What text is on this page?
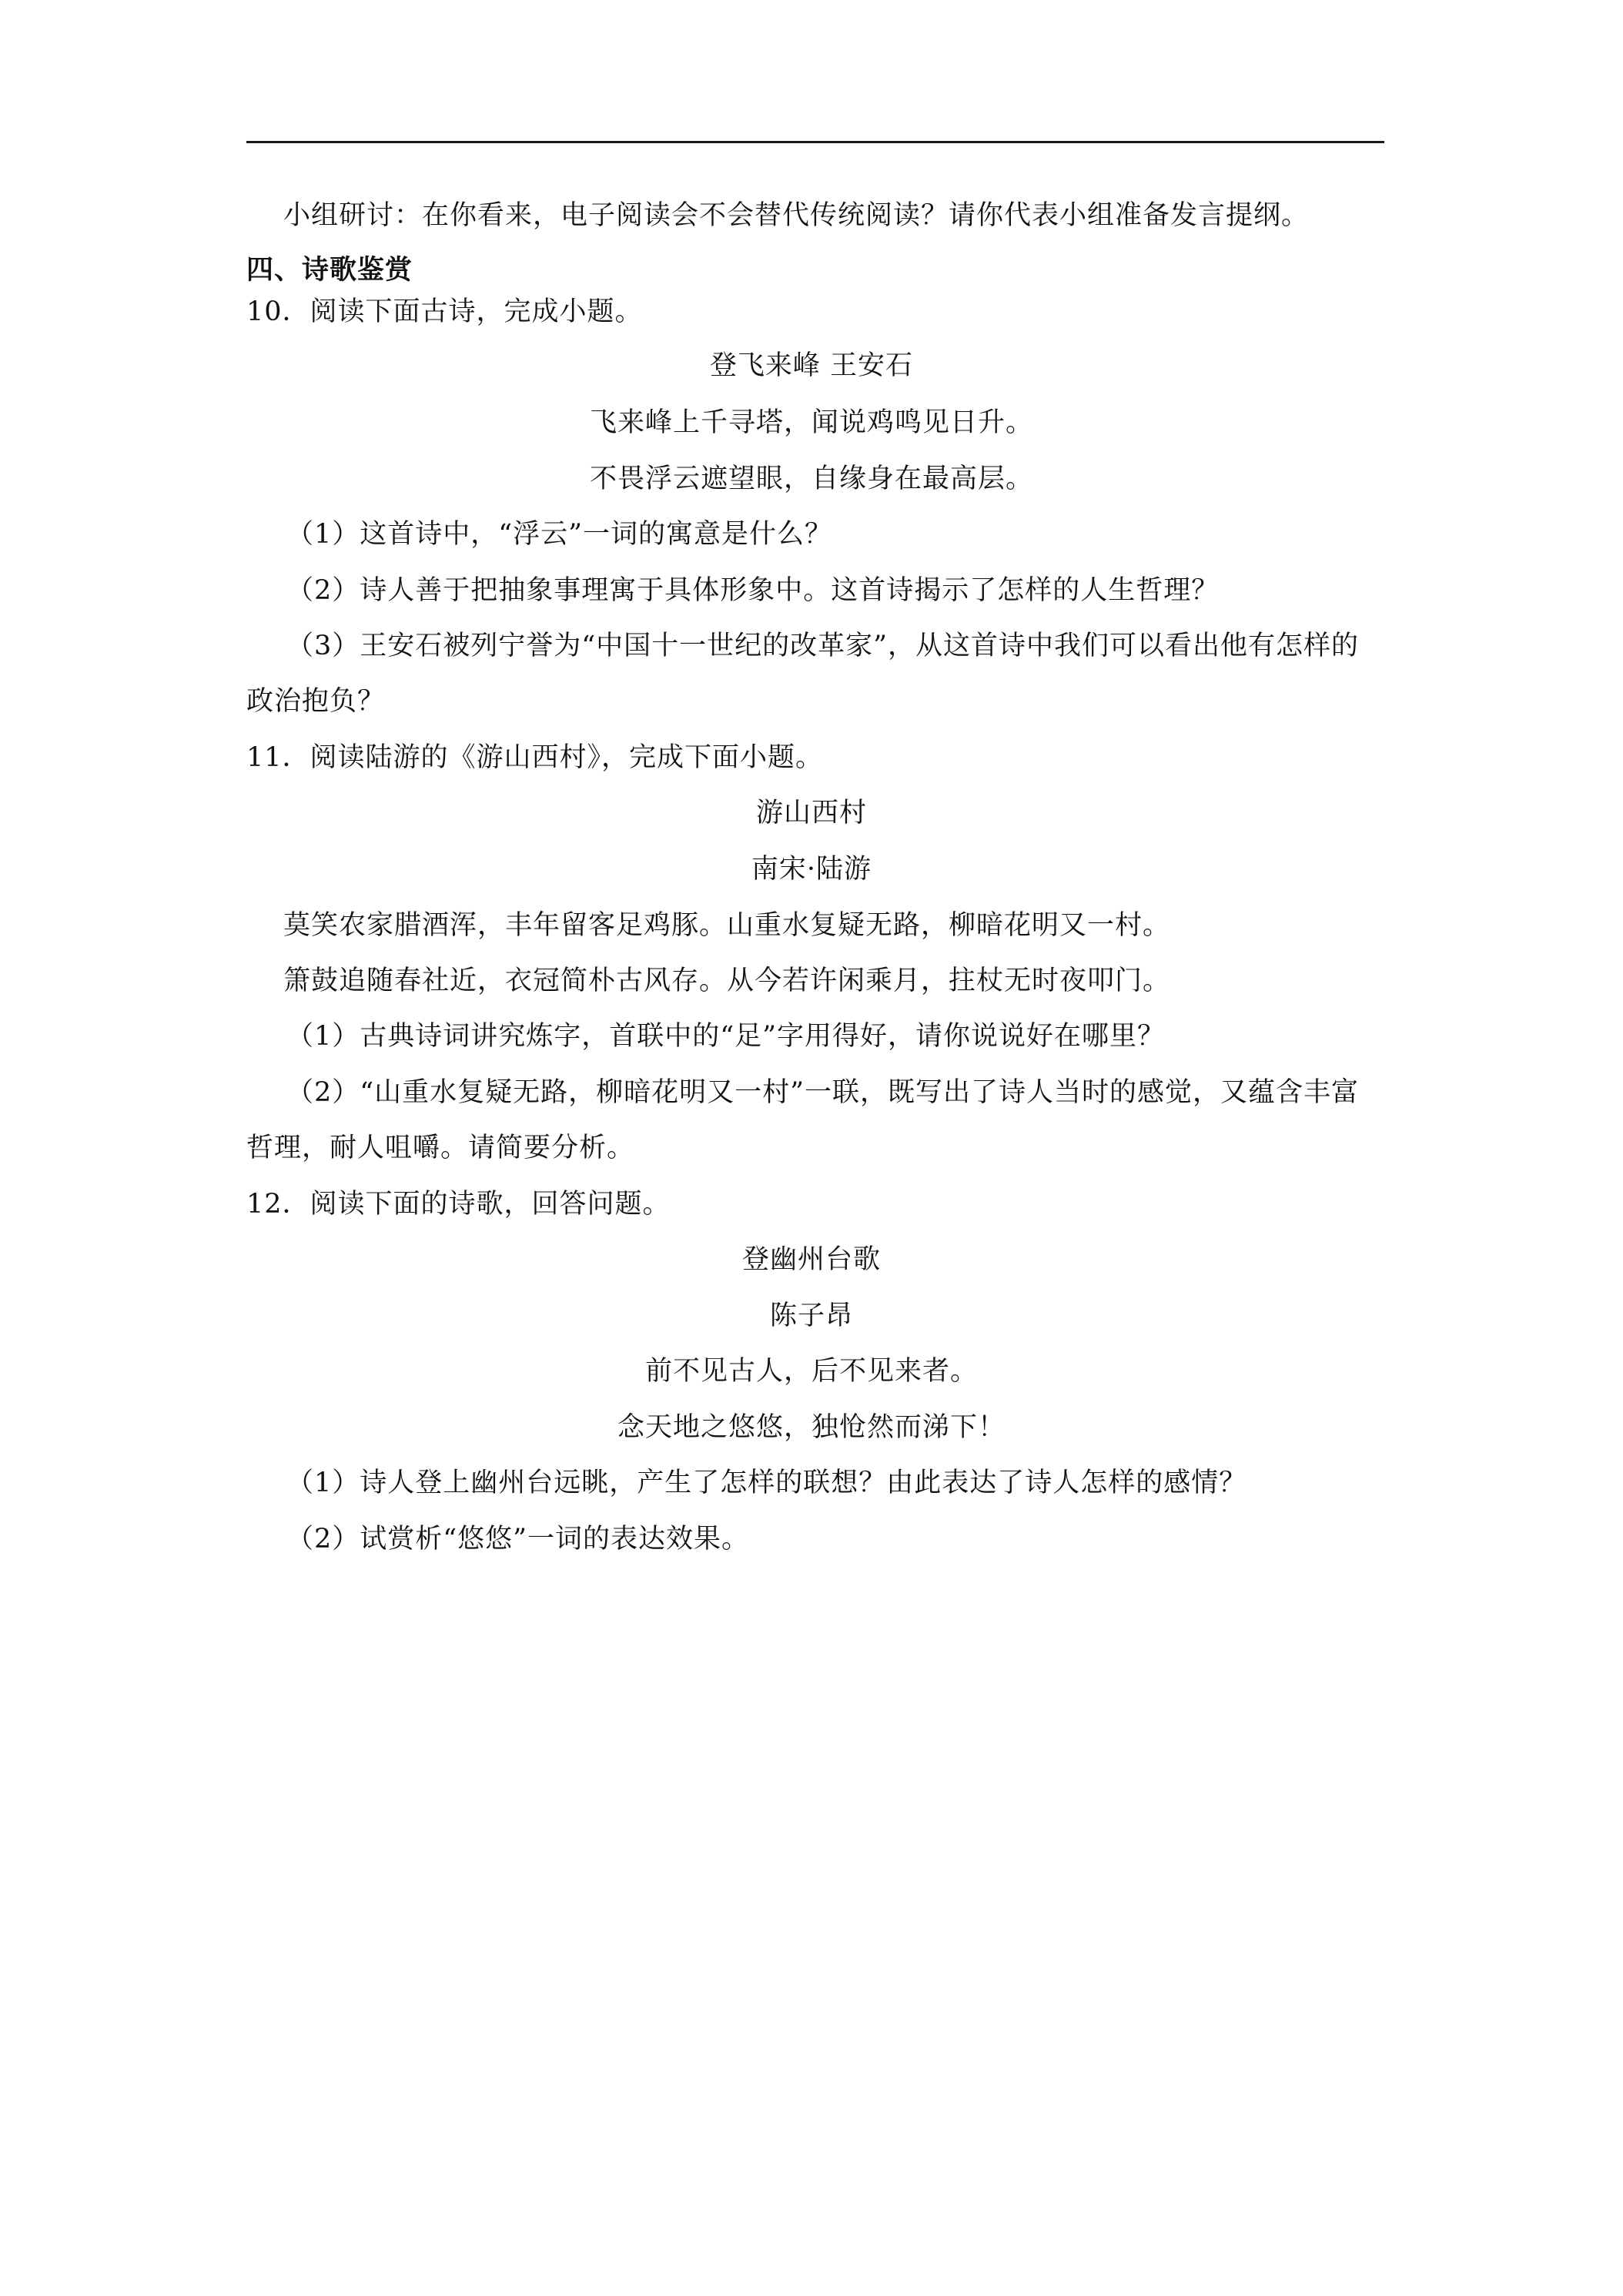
小组研讨：在你看来，电子阅读会不会替代传统阅读？请你代表小组准备发言提纲。
四、诗歌鉴赏
10．阅读下面古诗，完成小题。
登飞来峰 王安石
飞来峰上千寻塔，闻说鸡鸣见日升。
不畏浮云遮望眼，自缘身在最高层。
（1）这首诗中，“浮云”一词的寓意是什么？
（2）诗人善于把抽象事理寓于具体形象中。这首诗揭示了怎样的人生哲理？
（3）王安石被列宁誉为“中国十一世纪的改革家”，从这首诗中我们可以看出他有怎样的
政治抱负？
11．阅读陆游的《游山西村》，完成下面小题。
游山西村
南宋·陆游
莫笑农家腊酒浑，丰年留客足鸡豚。山重水复疑无路，柳暗花明又一村。
箫鼓追随春社近，衣冠简朴古风存。从今若许闲乘月，拄杖无时夜叩门。
（1）古典诗词讲究炼字，首联中的“足”字用得好，请你说说好在哪里？
（2）“山重水复疑无路，柳暗花明又一村”一联，既写出了诗人当时的感觉，又蕴含丰富
哲理，耐人咀嚼。请简要分析。
12．阅读下面的诗歌，回答问题。
登幽州台歌
陈子昂
前不见古人，后不见来者。
念天地之悠悠，独怆然而涕下！
（1）诗人登上幽州台远眺，产生了怎样的联想？由此表达了诗人怎样的感情？
（2）试赏析“悠悠”一词的表达效果。
